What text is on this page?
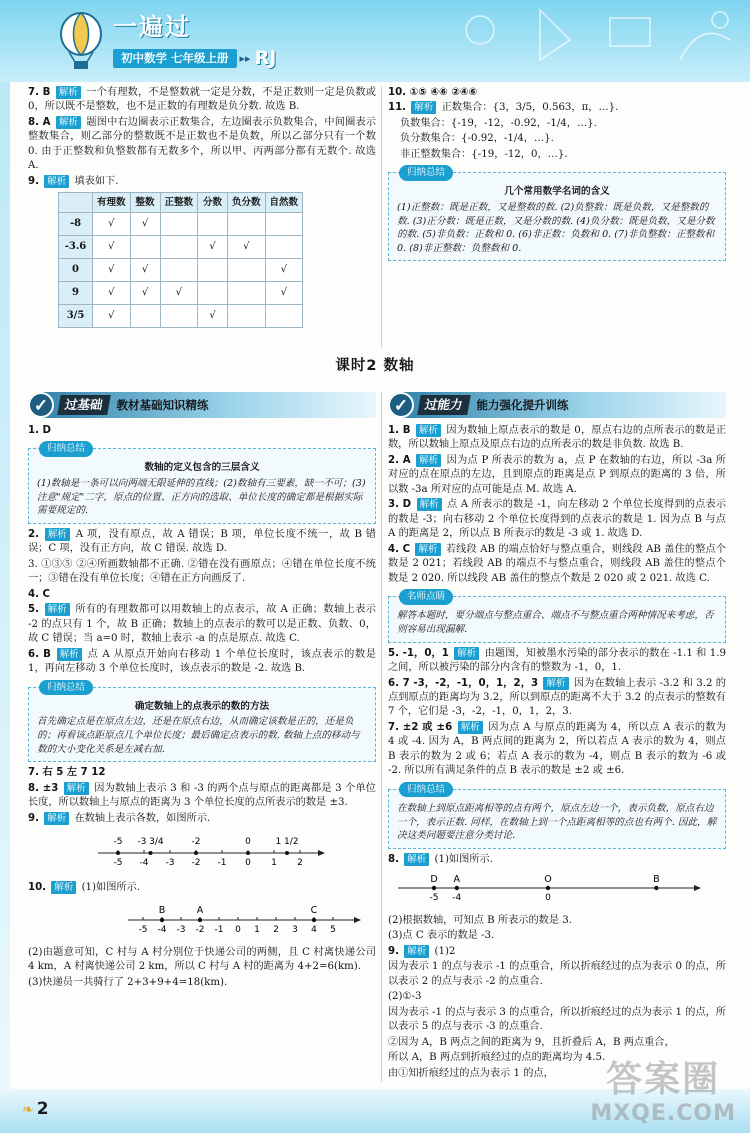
一遍过
初中数学 七年级上册	▸▸ RJ

7. B 解析 一个有理数，不是整数就一定是分数，不是正数则一定是负数或0，所以既不是整数，也不是正数的有理数是负分数. 故选 B.

8. A 解析 题图中右边圈表示正数集合，左边圈表示负数集合，中间圈表示整数集合，则乙部分的整数既不是正数也不是负数，所以乙部分只有一个数 0. 由于正整数和负整数都有无数多个，所以甲、丙两部分都有无数个. 故选 A.

9. 解析 填表如下.

	有理数	整数	正整数	分数	负分数	自然数
-8	√	√				
-3.6	√			√	√	
0	√	√				√
9	√	√	√			√
3/5	√			√		

10. ①⑤ ④⑥ ②④⑥

11. 解析 正数集合：{3，3/5，0.563，π，…}.

负数集合：{-19，-12，-0.92，-1/4，…}.

负分数集合：{-0.92，-1/4，…}.

非正整数集合：{-19，-12，0，…}.

归纳总结
几个常用数学名词的含义
(1)正整数：既是正数，又是整数的数. (2)负整数：既是负数，又是整数的数. (3)正分数：既是正数，又是分数的数. (4)负分数：既是负数，又是分数的数. (5)非负数：正数和 0. (6)非正数：负数和 0. (7)非负整数：正整数和 0. (8)非正整数：负整数和 0.
课时2 数轴
✓	过基础	教材基础知识精练

1. D

归纳总结
数轴的定义包含的三层含义
(1)数轴是一条可以向两端无限延伸的直线；(2)数轴有三要素，缺一不可；(3)注意"规定"二字，原点的位置、正方向的选取、单位长度的确定都是根据实际需要规定的.

2. 解析 A 项，没有原点，故 A 错误；B 项，单位长度不统一，故 B 错误；C 项，没有正方向，故 C 错误. 故选 D.

3. ①③⑤ ②④所画数轴都不正确. ②错在没有画原点；④错在单位长度不统一；③错在没有单位长度；④错在正方向画反了.

4. C

5. 解析 所有的有理数都可以用数轴上的点表示，故 A 正确；数轴上表示 -2 的点只有 1 个，故 B 正确；数轴上的点表示的数可以是正数、负数、0，故 C 错误；当 a=0 时，数轴上表示 -a 的点是原点. 故选 C.

6. B 解析 点 A 从原点开始向右移动 1 个单位长度时，该点表示的数是 1，再向左移动 3 个单位长度时，该点表示的数是 -2. 故选 B.

归纳总结
确定数轴上的点表示的数的方法
首先确定点是在原点左边，还是在原点右边，从而确定该数是正的，还是负的；再看该点距原点几个单位长度；最后确定点表示的数. 数轴上点的移动与数的大小变化关系是左减右加.

7. 右 5 左 7 12

8. ±3 解析 因为数轴上表示 3 和 -3 的两个点与原点的距离都是 3 个单位长度，所以数轴上与原点的距离为 3 个单位长度的点所表示的数是 ±3.

9. 解析 在数轴上表示各数，如图所示.

-5 -4 -3 -2 -1 0 1 2
-5 -3 3/4	-2	0	1 1/2

10. 解析 (1)如图所示.

-5 -4 -3 -2 -1 0 1 2 3 4 5
B	A	C

(2)由题意可知，C 村与 A 村分别位于快递公司的两侧，且 C 村离快递公司 4 km，A 村离快递公司 2 km，所以 C 村与 A 村的距离为 4+2=6(km).

(3)快递员一共骑行了 2+3+9+4=18(km).

✓	过能力	能力强化提升训练

1. B 解析 因为数轴上原点表示的数是 0，原点右边的点所表示的数是正数，所以数轴上原点及原点右边的点所表示的数是非负数. 故选 B.

2. A 解析 因为点 P 所表示的数为 a，点 P 在数轴的右边，所以 -3a 所对应的点在原点的左边，且到原点的距离是点 P 到原点的距离的 3 倍，所以数 -3a 所对应的点可能是点 M. 故选 A.

3. D 解析 点 A 所表示的数是 -1，向左移动 2 个单位长度得到的点表示的数是 -3；向右移动 2 个单位长度得到的点表示的数是 1. 因为点 B 与点 A 的距离是 2，所以点 B 所表示的数是 -3 或 1. 故选 D.

4. C 解析 若线段 AB 的端点恰好与整点重合，则线段 AB 盖住的整点个数是 2 021；若线段 AB 的端点不与整点重合，则线段 AB 盖住的整点个数是 2 020. 所以线段 AB 盖住的整点个数是 2 020 或 2 021. 故选 C.

名师点睛
解答本题时，要分端点与整点重合、端点不与整点重合两种情况来考虑，否则容易出现漏解.

5. -1，0，1 解析 由题图，知被墨水污染的部分表示的数在 -1.1 和 1.9 之间，所以被污染的部分内含有的整数为 -1，0，1.

6. 7 -3，-2，-1，0，1，2，3 解析 因为在数轴上表示 -3.2 和 3.2 的点到原点的距离均为 3.2，所以到原点的距离不大于 3.2 的点表示的整数有 7 个，它们是 -3，-2，-1，0，1，2，3.

7. ±2 或 ±6 解析 因为点 A 与原点的距离为 4，所以点 A 表示的数为 4 或 -4. 因为 A，B 两点间的距离为 2，所以若点 A 表示的数为 4，则点 B 表示的数为 2 或 6；若点 A 表示的数为 -4，则点 B 表示的数为 -6 或 -2. 所以所有满足条件的点 B 表示的数是 ±2 或 ±6.

归纳总结
在数轴上到原点距离相等的点有两个，原点左边一个，表示负数，原点右边一个，表示正数. 同样，在数轴上到一个点距离相等的点也有两个. 因此，解决这类问题要注意分类讨论.

8. 解析 (1)如图所示.

-5 -4	0
D A	O	B

(2)根据数轴，可知点 B 所表示的数是 3.

(3)点 C 表示的数是 -3.

9. 解析 (1)2

因为表示 1 的点与表示 -1 的点重合，所以折痕经过的点为表示 0 的点，所以表示 2 的点与表示 -2 的点重合.

(2)①-3

因为表示 -1 的点与表示 3 的点重合，所以折痕经过的点为表示 1 的点，所以表示 5 的点与表示 -3 的点重合.

②因为 A，B 两点之间的距离为 9，且折叠后 A，B 两点重合，

所以 A，B 两点到折痕经过的点的距离均为 4.5.

由①知折痕经过的点为表示 1 的点，

❧ 2
答案圈
MXQE.COM
